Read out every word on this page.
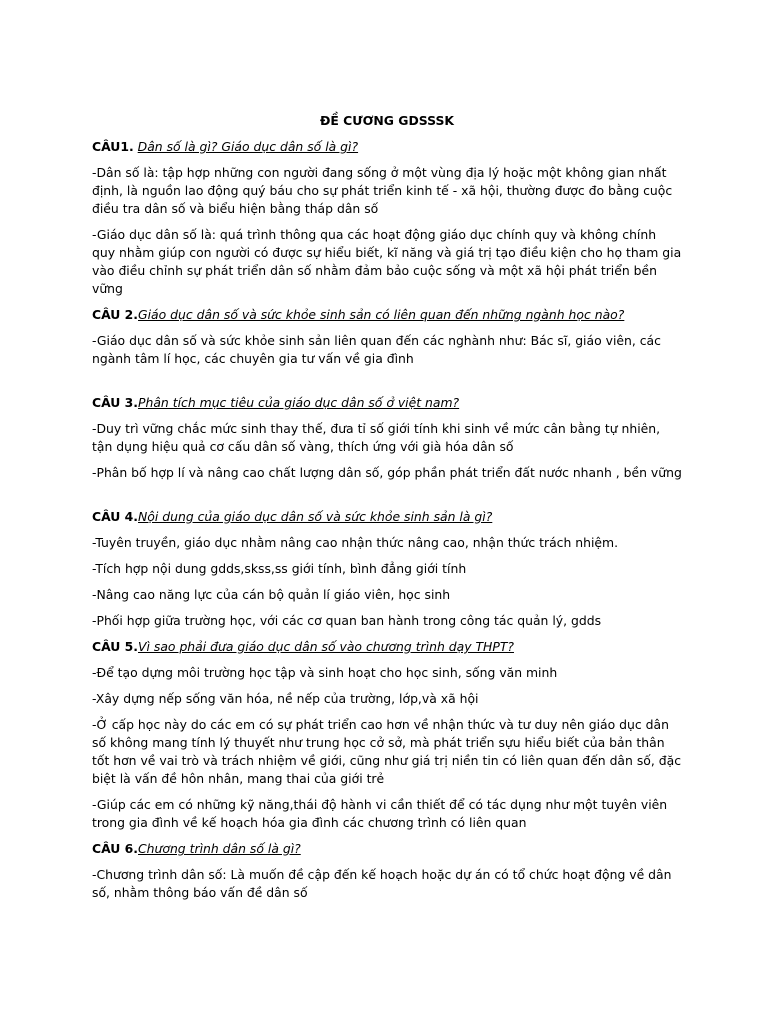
ĐỀ CƯƠNG GDSSSK
CÂU1. Dân số là gì? Giáo dục dân số là gì?
-Dân số là: tập hợp những con người đang sống ở một vùng địa lý hoặc một không gian nhất định, là nguồn lao động quý báu cho sự phát triển kinh tế - xã hội, thường được đo bằng cuộc điều tra dân số và biểu hiện bằng tháp dân số
-Giáo dục dân số là: quá trình thông qua các hoạt động giáo dục chính quy và không chính quy nhằm giúp con người có được sự hiểu biết, kĩ năng và giá trị tạo điều kiện cho họ tham gia vào điều chỉnh sự phát triển dân số nhằm đảm bảo cuộc sống và một xã hội phát triển bền vững
CÂU 2.Giáo dục dân số và sức khỏe sinh sản có liên quan đến những ngành học nào?
-Giáo dục dân số và sức khỏe sinh sản liên quan đến các nghành như: Bác sĩ, giáo viên, các ngành tâm lí học, các chuyên gia tư vấn về gia đình
CÂU 3.Phân tích mục tiêu của giáo dục dân số ở việt nam?
-Duy trì vững chắc mức sinh thay thế, đưa tỉ số giới tính khi sinh về mức cân bằng tự nhiên, tận dụng hiệu quả cơ cấu dân số vàng, thích ứng với già hóa dân số
-Phân bố hợp lí và nâng cao chất lượng dân số, góp phần phát triển đất nước nhanh , bền vững
CÂU 4.Nội dung của giáo dục dân số và sức khỏe sinh sản là gì?
-Tuyên truyền, giáo dục nhằm nâng cao nhận thức nâng cao, nhận thức trách nhiệm.
-Tích hợp nội dung gdds,skss,ss giới tính, bình đẳng giới tính
-Nâng cao năng lực của cán bộ quản lí giáo viên, học sinh
-Phối hợp giữa trường học, với các cơ quan ban hành trong công tác quản lý, gdds
CÂU 5.Vì sao phải đưa giáo dục dân số vào chương trình dạy THPT?
-Để tạo dựng môi trường học tập và sinh hoạt cho học sinh, sống văn minh
-Xây dựng nếp sống văn hóa, nề nếp của trường, lớp,và xã hội
-Ở cấp học này do các em có sự phát triển cao hơn về nhận thức và tư duy nên giáo dục dân số không mang tính lý thuyết như trung học cở sở, mà phát triển sựu hiểu biết của bản thân tốt hơn về vai trò và trách nhiệm về giới, cũng như giá trị niền tin có liên quan đến dân số, đặc biệt là vấn đề hôn nhân, mang thai của giới trẻ
-Giúp các em có những kỹ năng,thái độ hành vi cần thiết để có tác dụng như một tuyên viên trong gia đình về kế hoạch hóa gia đình các chương trình có liên quan
CÂU 6.Chương trình dân số là gì?
-Chương trình dân số: Là muốn đề cập đến kế hoạch hoặc dự án có tổ chức hoạt động về dân số, nhằm thông báo vấn đề dân số
